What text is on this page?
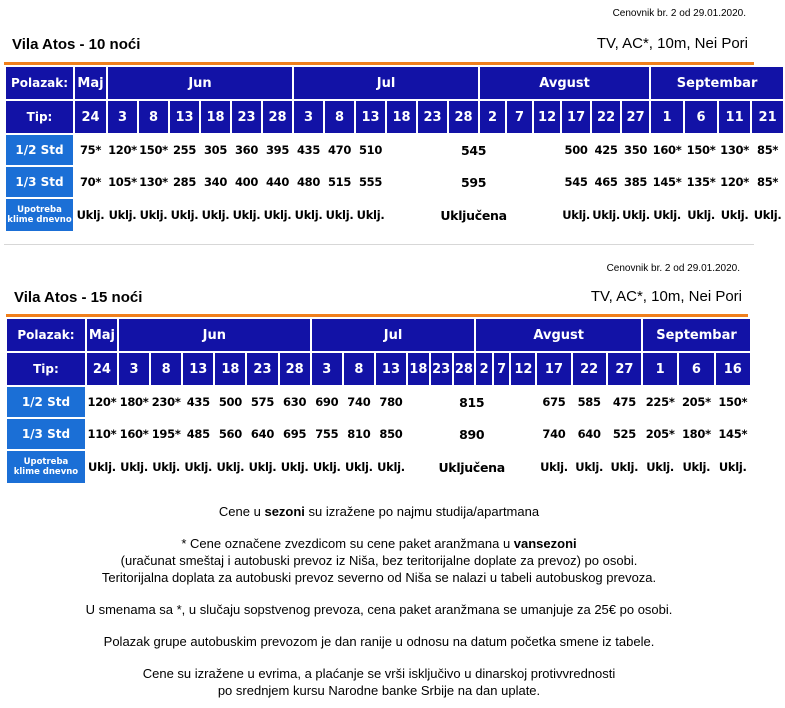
Cenovnik br. 2 od 29.01.2020.
Vila Atos - 10 noći	TV, AC*, 10m, Nei Pori
Polazak:	Maj	Jun						Jul						Avgust						Septembar			
Tip:	24	3	8	13	18	23	28	3	8	13	18	23	28	2	7	12	17	22	27	1	6	11	21
1/2 Std	75*	120*	150*	255	305	360	395	435	470	510	545						500	425	350	160*	150*	130*	85*
1/3 Std	70*	105*	130*	285	340	400	440	480	515	555	595						545	465	385	145*	135*	120*	85*
Upotreba
klime dnevno	Uklj.	Uklj.	Uklj.	Uklj.	Uklj.	Uklj.	Uklj.	Uklj.	Uklj.	Uklj.	Uključena						Uklj.	Uklj.	Uklj.	Uklj.	Uklj.	Uklj.	Uklj.
Cenovnik br. 2 od 29.01.2020.
Vila Atos - 15 noći	TV, AC*, 10m, Nei Pori
Polazak:	Maj	Jun						Jul						Avgust						Septembar		
Tip:	24	3	8	13	18	23	28	3	8	13	18	23	28	2	7	12	17	22	27	1	6	16
1/2 Std	120*	180*	230*	435	500	575	630	690	740	780	815						675	585	475	225*	205*	150*
1/3 Std	110*	160*	195*	485	560	640	695	755	810	850	890						740	640	525	205*	180*	145*
Upotreba
klime dnevno	Uklj.	Uklj.	Uklj.	Uklj.	Uklj.	Uklj.	Uklj.	Uklj.	Uklj.	Uklj.	Uključena						Uklj.	Uklj.	Uklj.	Uklj.	Uklj.	Uklj.

Cene u sezoni su izražene po najmu studija/apartmana

* Cene označene zvezdicom su cene paket aranžmana u vansezoni

(uračunat smeštaj i autobuski prevoz iz Niša, bez teritorijalne doplate za prevoz) po osobi.

Teritorijalna doplata za autobuski prevoz severno od Niša se nalazi u tabeli autobuskog prevoza.

U smenama sa *, u slučaju sopstvenog prevoza, cena paket aranžmana se umanjuje za 25€ po osobi.

Polazak grupe autobuskim prevozom je dan ranije u odnosu na datum početka smene iz tabele.

Cene su izražene u evrima, a plaćanje se vrši isključivo u dinarskoj protivvrednosti

po srednjem kursu Narodne banke Srbije na dan uplate.
